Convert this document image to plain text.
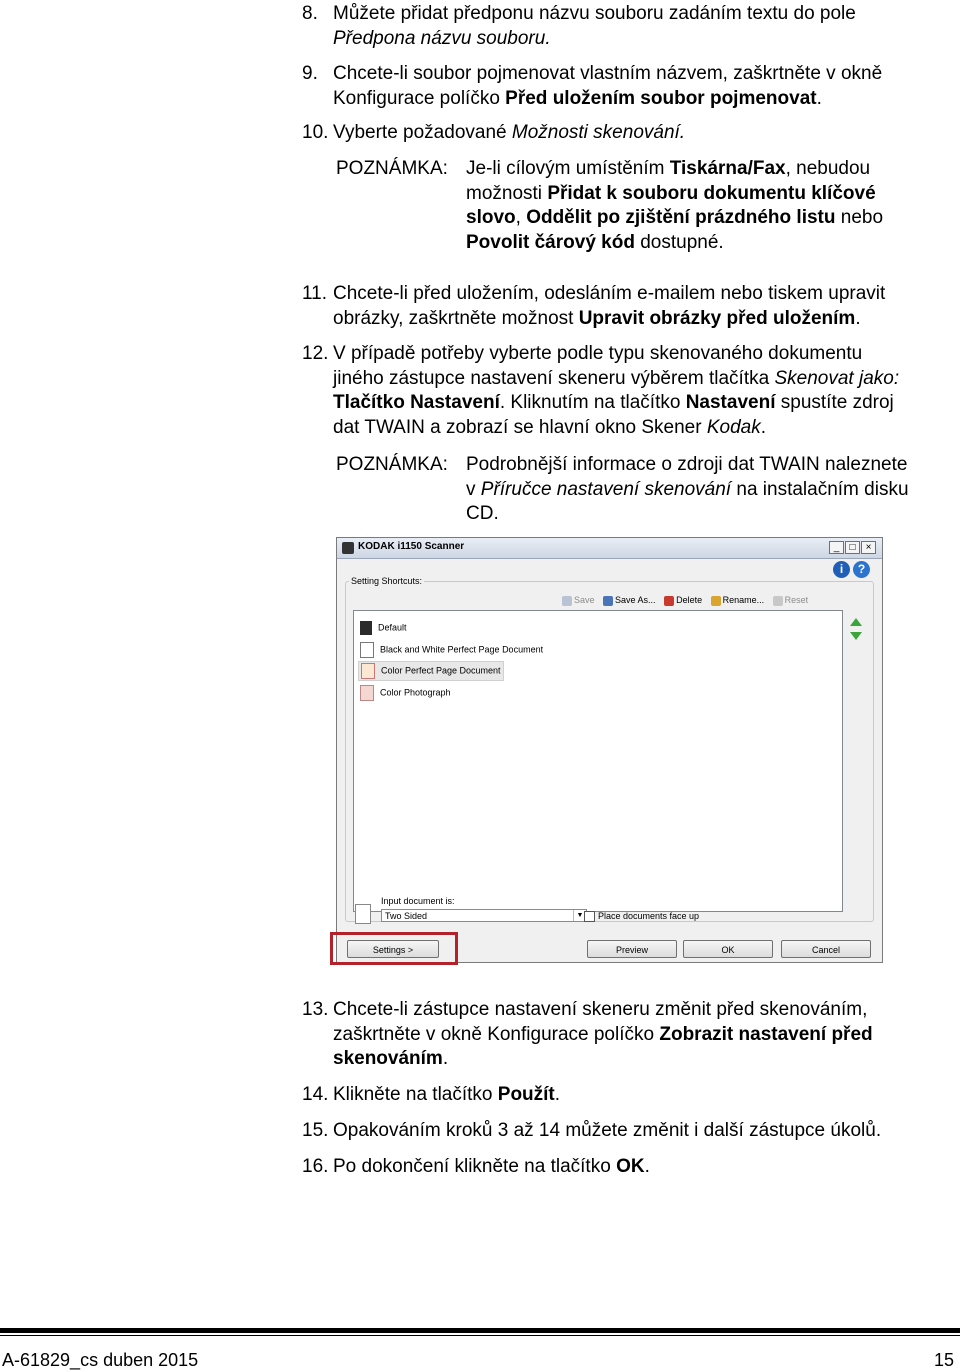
8. Můžete přidat předponu názvu souboru zadáním textu do pole
Předpona názvu souboru.
9. Chcete-li soubor pojmenovat vlastním názvem, zaškrtněte v okně
Konfigurace políčko Před uložením soubor pojmenovat.
10. Vyberte požadované Možnosti skenování.
POZNÁMKA: Je-li cílovým umístěním Tiskárna/Fax, nebudou
možnosti Přidat k souboru dokumentu klíčové
slovo, Oddělit po zjištění prázdného listu nebo
Povolit čárový kód dostupné.
11. Chcete-li před uložením, odesláním e-mailem nebo tiskem upravit
obrázky, zaškrtněte možnost Upravit obrázky před uložením.
12. V případě potřeby vyberte podle typu skenovaného dokumentu
jiného zástupce nastavení skeneru výběrem tlačítka Skenovat jako:
Tlačítko Nastavení. Kliknutím na tlačítko Nastavení spustíte zdroj
dat TWAIN a zobrazí se hlavní okno Skener Kodak.
POZNÁMKA: Podrobnější informace o zdroji dat TWAIN naleznete
v Příručce nastavení skenování na instalačním disku
CD.
KODAK i1150 Scanner	_	□	×
i ?
Setting Shortcuts:
Save Save As... Delete Rename... Reset
Default
Black and White Perfect Page Document
Color Perfect Page Document
Color Photograph
Input document is:
Two Sided	▼	Place documents face up
Settings >	Preview	OK	Cancel
13. Chcete-li zástupce nastavení skeneru změnit před skenováním,
zaškrtněte v okně Konfigurace políčko Zobrazit nastavení před
skenováním.
14. Klikněte na tlačítko Použít.
15. Opakováním kroků 3 až 14 můžete změnit i další zástupce úkolů.
16. Po dokončení klikněte na tlačítko OK.
A-61829_cs duben 2015	15
